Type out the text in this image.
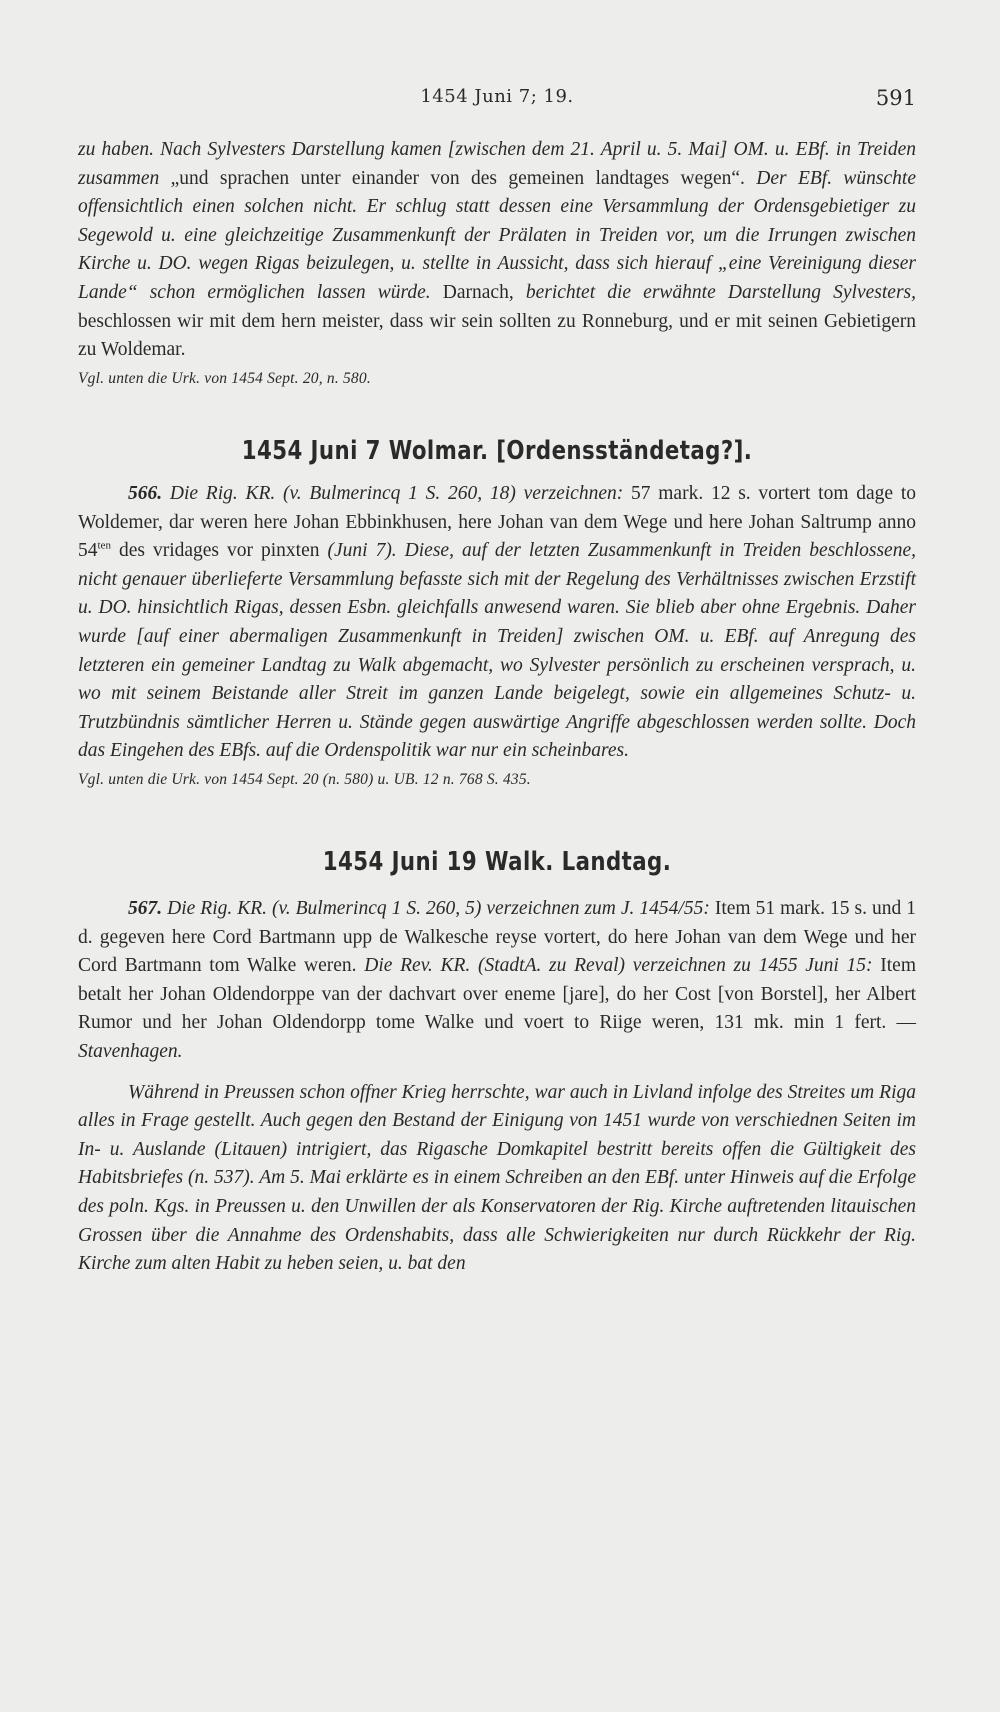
1454 Juni 7; 19.	591

zu haben. Nach Sylvesters Darstellung kamen [zwischen dem 21. April u. 5. Mai] OM. u. EBf. in Treiden zusammen „und sprachen unter einander von des gemeinen landtages wegen“. Der EBf. wünschte offensichtlich einen solchen nicht. Er schlug statt dessen eine Versammlung der Ordensgebietiger zu Segewold u. eine gleichzeitige Zusammenkunft der Prälaten in Treiden vor, um die Irrungen zwischen Kirche u. DO. wegen Rigas beizulegen, u. stellte in Aussicht, dass sich hierauf „eine Vereinigung dieser Lande“ schon ermöglichen lassen würde. Darnach, berichtet die erwähnte Darstellung Sylvesters, beschlossen wir mit dem hern meister, dass wir sein sollten zu Ronneburg, und er mit seinen Gebietigern zu Woldemar.

Vgl. unten die Urk. von 1454 Sept. 20, n. 580.

1454 Juni 7 Wolmar. [Ordensständetag?].

566. Die Rig. KR. (v. Bulmerincq 1 S. 260, 18) verzeichnen: 57 mark. 12 s. vortert tom dage to Woldemer, dar weren here Johan Ebbinkhusen, here Johan van dem Wege und here Johan Saltrump anno $54^{ten}$ des vridages vor pinxten (Juni 7). Diese, auf der letzten Zusammenkunft in Treiden beschlossene, nicht genauer überlieferte Versammlung befasste sich mit der Regelung des Verhältnisses zwischen Erzstift u. DO. hinsichtlich Rigas, dessen Esbn. gleichfalls anwesend waren. Sie blieb aber ohne Ergebnis. Daher wurde [auf einer abermaligen Zusammenkunft in Treiden] zwischen OM. u. EBf. auf Anregung des letzteren ein gemeiner Landtag zu Walk abgemacht, wo Sylvester persönlich zu erscheinen versprach, u. wo mit seinem Beistande aller Streit im ganzen Lande beigelegt, sowie ein allgemeines Schutz- u. Trutzbündnis sämtlicher Herren u. Stände gegen auswärtige Angriffe abgeschlossen werden sollte. Doch das Eingehen des EBfs. auf die Ordenspolitik war nur ein scheinbares.

Vgl. unten die Urk. von 1454 Sept. 20 (n. 580) u. UB. 12 n. 768 S. 435.

1454 Juni 19 Walk. Landtag.

567. Die Rig. KR. (v. Bulmerincq 1 S. 260, 5) verzeichnen zum J. 1454/55: Item 51 mark. 15 s. und 1 d. gegeven here Cord Bartmann upp de Walkesche reyse vortert, do here Johan van dem Wege und her Cord Bartmann tom Walke weren. Die Rev. KR. (StadtA. zu Reval) verzeichnen zu 1455 Juni 15: Item betalt her Johan Oldendorppe van der dachvart over eneme [jare], do her Cost [von Borstel], her Albert Rumor und her Johan Oldendorpp tome Walke und voert to Riige weren, 131 mk. min 1 fert. — Stavenhagen.

Während in Preussen schon offner Krieg herrschte, war auch in Livland infolge des Streites um Riga alles in Frage gestellt. Auch gegen den Bestand der Einigung von 1451 wurde von verschiednen Seiten im In- u. Auslande (Litauen) intrigiert, das Rigasche Domkapitel bestritt bereits offen die Gültigkeit des Habitsbriefes (n. 537). Am 5. Mai erklärte es in einem Schreiben an den EBf. unter Hinweis auf die Erfolge des poln. Kgs. in Preussen u. den Unwillen der als Konservatoren der Rig. Kirche auftretenden litauischen Grossen über die Annahme des Ordenshabits, dass alle Schwierigkeiten nur durch Rückkehr der Rig. Kirche zum alten Habit zu heben seien, u. bat den
